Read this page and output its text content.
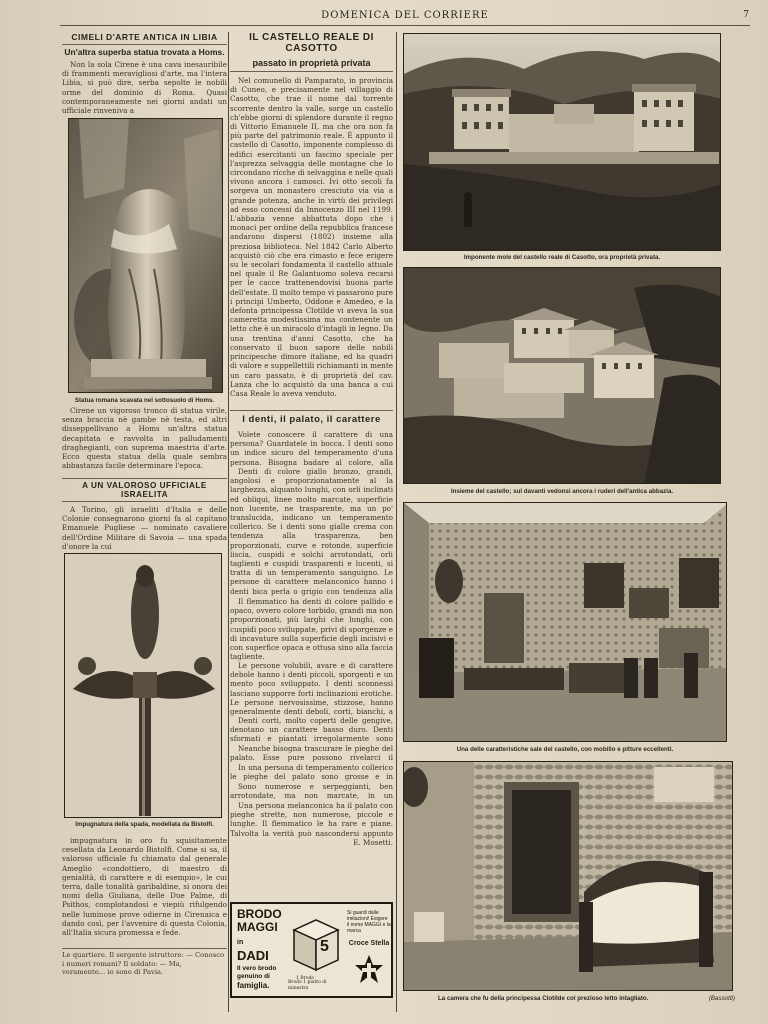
DOMENICA DEL CORRIERE	7
CIMELI D'ARTE ANTICA IN LIBIA
Un'altra superba statua trovata a Homs.

Non la sola Cirene è una cava inesauribile di frammenti meravigliosi d'arte, ma l'intera Libia, si può dire, serba sepolte le nobili orme del dominio di Roma. Quasi contemporaneamente nei giorni andati un ufficiale rinveniva a

Statua romana scavata nel sottosuolo di Homs.

Cirene un vigoroso tronco di statua virile, senza braccia nè gambe nè testa, ed altri disseppellivano a Homs un'altra statua decapitata e ravvolta in palludamenti draghegianti, con suprema maestria d'arte. Ecco questa statua della quale sembra abbastanza facile determinare l'epoca.

A UN VALOROSO UFFICIALE ISRAELITA

A Torino, gli israeliti d'Italia e delle Colonie consegnarono giorni fa al capitano Emanuele Pugliese — nominato cavaliere dell'Ordine Militare di Savoia — una spada d'onore la cui

Impugnatura della spada, modellata da Bistolfi.

impugnatura in oro fu squisitamente cesellata da Leonardo Bistolfi. Come si sa, il valoroso ufficiale fu chiamato dal generale Ameglio «condottiero, di maestro di genialità, di carattere e di esempio», le cui terra, dalle tonalità garibaldine, si onora dei nomi della Giuliana, delle Due Palme, di Psithos, complotandosi e viepiù rifulgendo nelle luminose prove odierne in Cirenaica e dando così, per l'avvenire di questa Colonia, all'Italia sicura promessa e fede.

Le quartiere. Il sergente istruttore: — Conosco i numeri romani? Il soldato: — Ma, veramente... io sono di Pavia.
IL CASTELLO REALE DI CASOTTO
passato in proprietà privata

Nel comunello di Pamparato, in provincia di Cuneo, e precisamente nel villaggio di Casotto, che trae il nome dal torrente scorrente dentro la valle, sorge un castello ch'ebbe giorni di splendore durante il regno di Vittorio Emanuele II, ma che ora non fa più parte del patrimonio reale. È appunto il castello di Casotto, imponente complesso di edifici esercitanti un fascino speciale per l'asprezza selvaggia delle montagne che lo circondano ricche di selvaggina e nelle quali vivono ancora i camosci. Ivi otto secoli fa sorgeva un monastero cresciuto via via a grande potenza, anche in virtù dei privilegi ad esso concessi da Innocenzo III nel 1199. L'abbazia venne abbattuta dopo che i monaci per ordine della repubblica francese andarono dispersi (1802) insieme alla preziosa biblioteca. Nel 1842 Carlo Alberto acquistò ciò che era rimasto e fece erigere su le secolari fondamenta il castello attuale nel quale il Re Galantuomo soleva recarsi per le cacce trattenendovisi buona parte dell'estate. Il molto tempo vi passarono pure i principi Umberto, Oddone e Amedeo, e la defonta principessa Clotilde vi aveva la sua cameretta modestissima ma contenente un letto che è un miracolo d'intagli in legno. Da una trentina d'anni Casotto, che ha conservato il buon sapore delle nobili principesche dimore italiane, ed ha quadri di valore e suppellettili richiamanti in mente un caro passato, è di proprietà del cav. Lanza che lo acquistò da una banca a cui Casa Reale lo aveva venduto.

I denti, il palato, il carattere

Volete conoscere il carattere di una persona? Guardatele in bocca. I denti sono un indice sicuro del temperamento d'una persona. Bisogna badare al colore, alla

Denti di colore giallo bronzo, grandi, angolosi e proporzionatamente al la larghezza, alquanto lunghi, con orli inclinati ed obliqui, linee molto marcate, superficie non lucente, ne trasparente, ma un po' translucida, indicano un temperamento collerico. Se i denti sono gialle crema con tendenza alla trasparenza, ben proporzionati, curve e rotonde, superficie liscia, cuspidi e solchi arrotondati, orli taglienti e cuspidi trasparenti e lucenti, si tratta di un temperamento sanguigno. Le persone di carattere melanconico hanno i denti bica perla o grigio con tendenza alla

Il flemmatico ha denti di colore pallido e opaco, ovvero colore torbido, grandi ma non proporzionati, più larghi che lunghi, con cuspidi poco sviluppate, privi di sporgenze e di incavature sulla superficie degli incisivi e con superfice opaca e ottusa sino alla faccia tagliente.

Le persone volubili, avare e di carattere debole hanno i denti piccoli, sporgenti e un mento poco sviluppato. I denti sconnessi lasciano supporre forti inclinazioni erotiche. Le persone nervosissime, stizzose, hanno generalmente denti deboli, corti, bianchi, a

Denti corti, molto coperti delle gengive, denotano un carattere basso duro. Denti sformati e piantati irregolarmente sono

Neanche bisogna trascurare le pieghe del palato. Esse pure possono rivelarci il

In una persona di temperamento collerico le pieghe del palato sono grosse e in

Sono numerose e serpeggianti, ben arrotondate, ma non marcate, in un

Una persona melanconica ha il palato con pieghe strette, non numerose, piccole e lunghe. Il flemmatico le ha rare e piane. Talvolta la verità può nascondersi appunto

E. Mosetti.

BRODO
MAGGI in
DADI
Il vero brodo
genuino di
famiglia.
5
1 Brodo
Brodo 1 piatto di minestra
Si guardi dalle imitazioni! Esigere il nome MAGGI e la marca
Croce Stella
Imponente mole del castello reale di Casotto, ora proprietà privata.
Insieme del castello; sul davanti vedonsi ancora i ruderi dell'antica abbazia.
Una delle caratteristiche sale del castello, con mobilio e pitture eccellenti.
La camera che fu della principessa Clotilde col prezioso letto intagliato.	(Bassotti)
